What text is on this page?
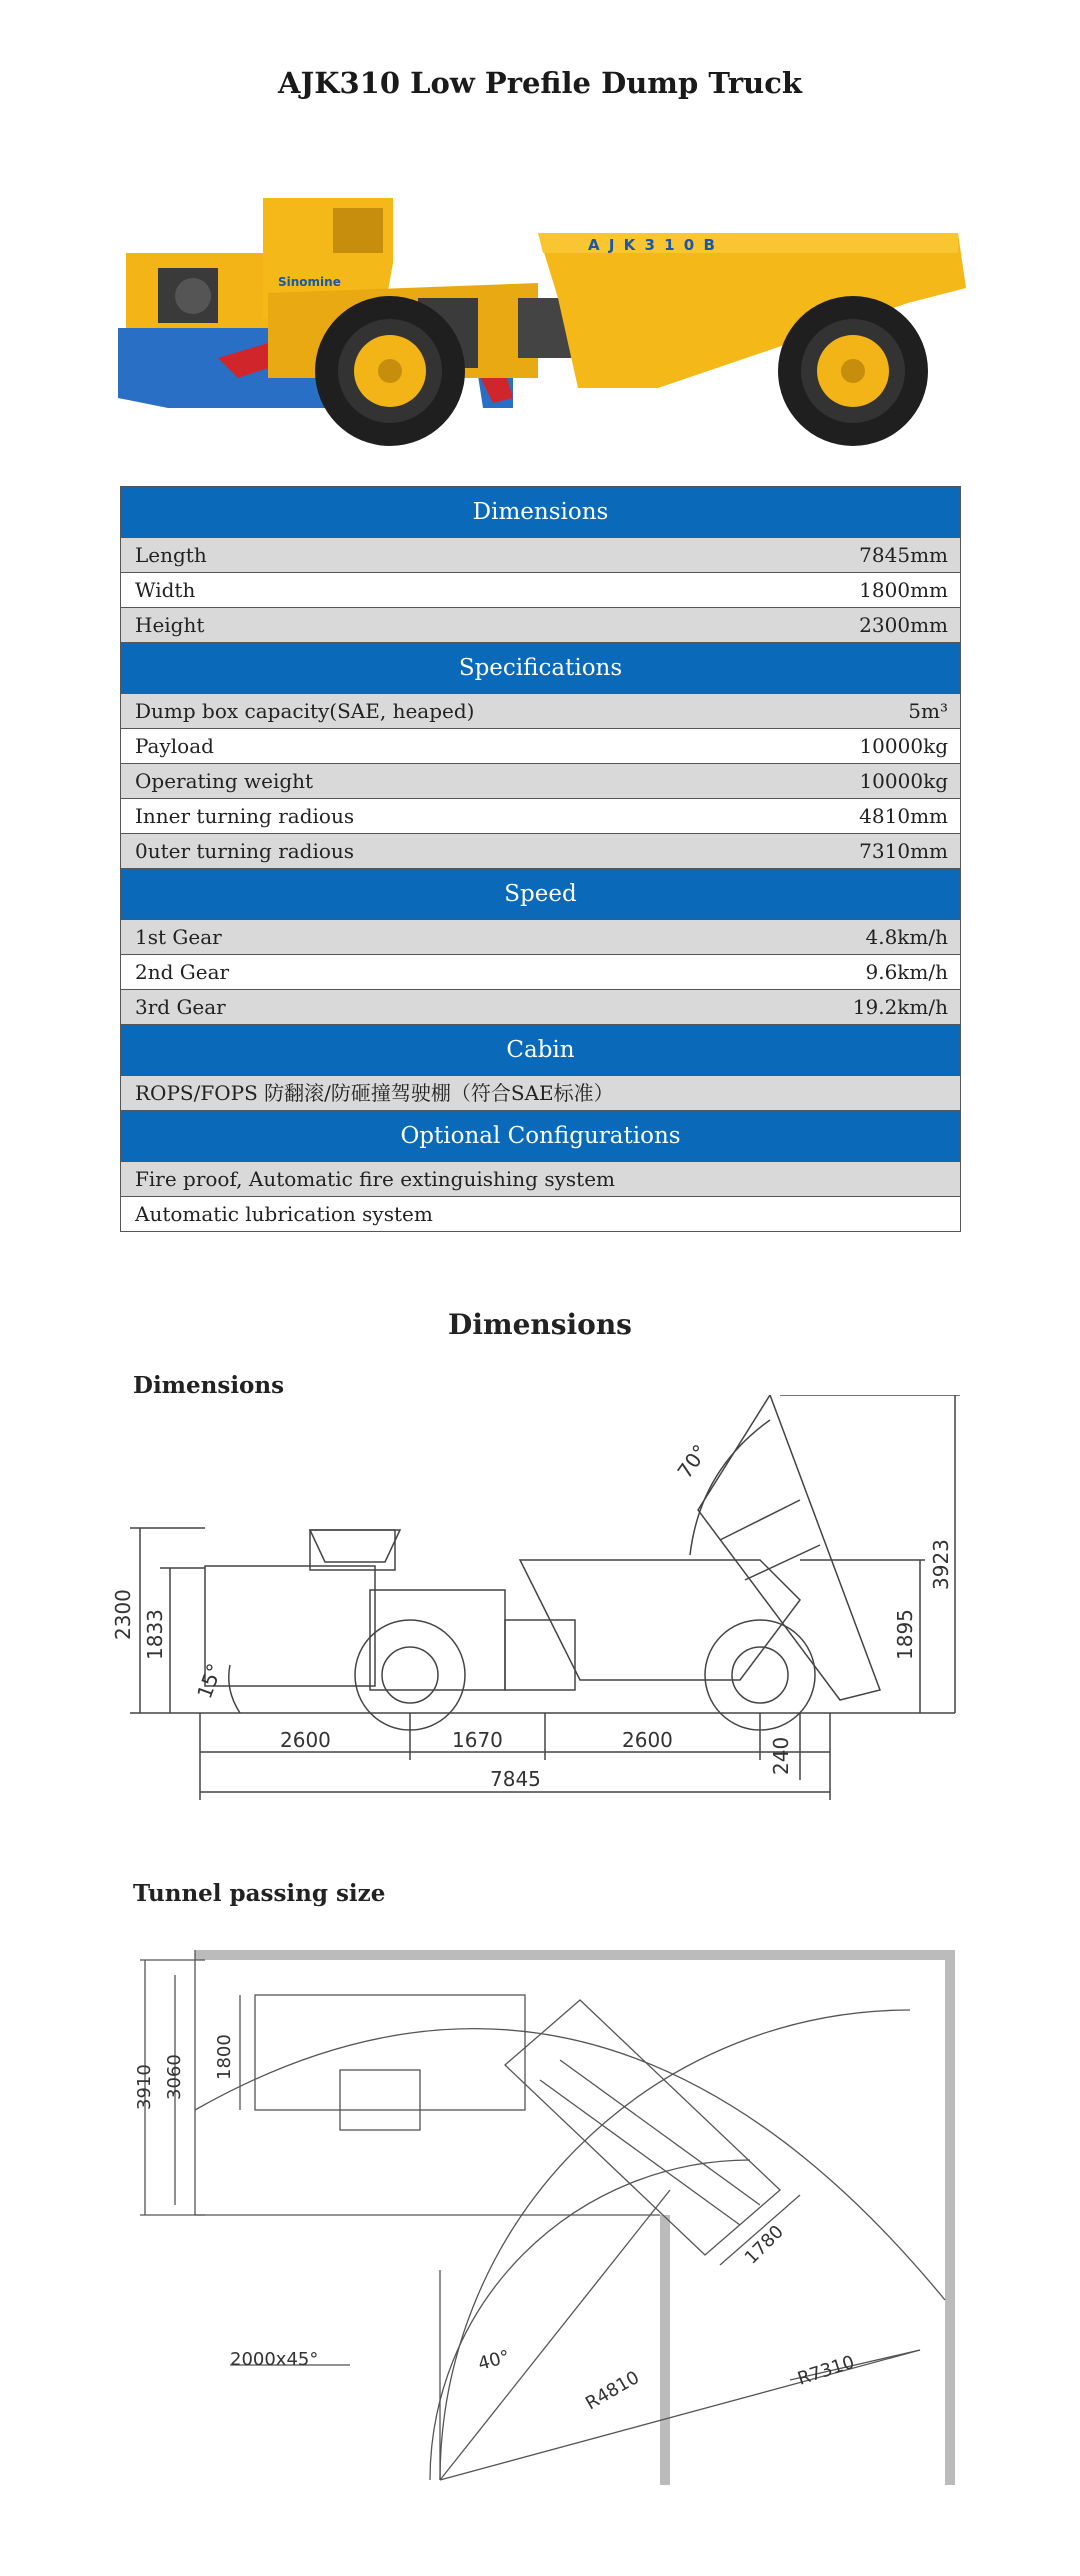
AJK310 Low Prefile Dump Truck
Sinomine
A J K 3 1 0 B
Dimensions
Length	7845mm
Width	1800mm
Height	2300mm
Specifications
Dump box capacity(SAE, heaped)	5m³
Payload	10000kg
Operating weight	10000kg
Inner turning radious	4810mm
0uter turning radious	7310mm
Speed
1st Gear	4.8km/h
2nd Gear	9.6km/h
3rd Gear	19.2km/h
Cabin
ROPS/FOPS 防翻滚/防砸撞驾驶棚（符合SAE标准）
Optional Configurations
Fire proof, Automatic fire extinguishing system
Automatic lubrication system
Dimensions
Dimensions
2300 1833
3923
1895
70°
15°
2600	1670	2600	240
7845
Tunnel passing size
3910 3060 1800
2000x45°	40°
R4810	R7310
1780
